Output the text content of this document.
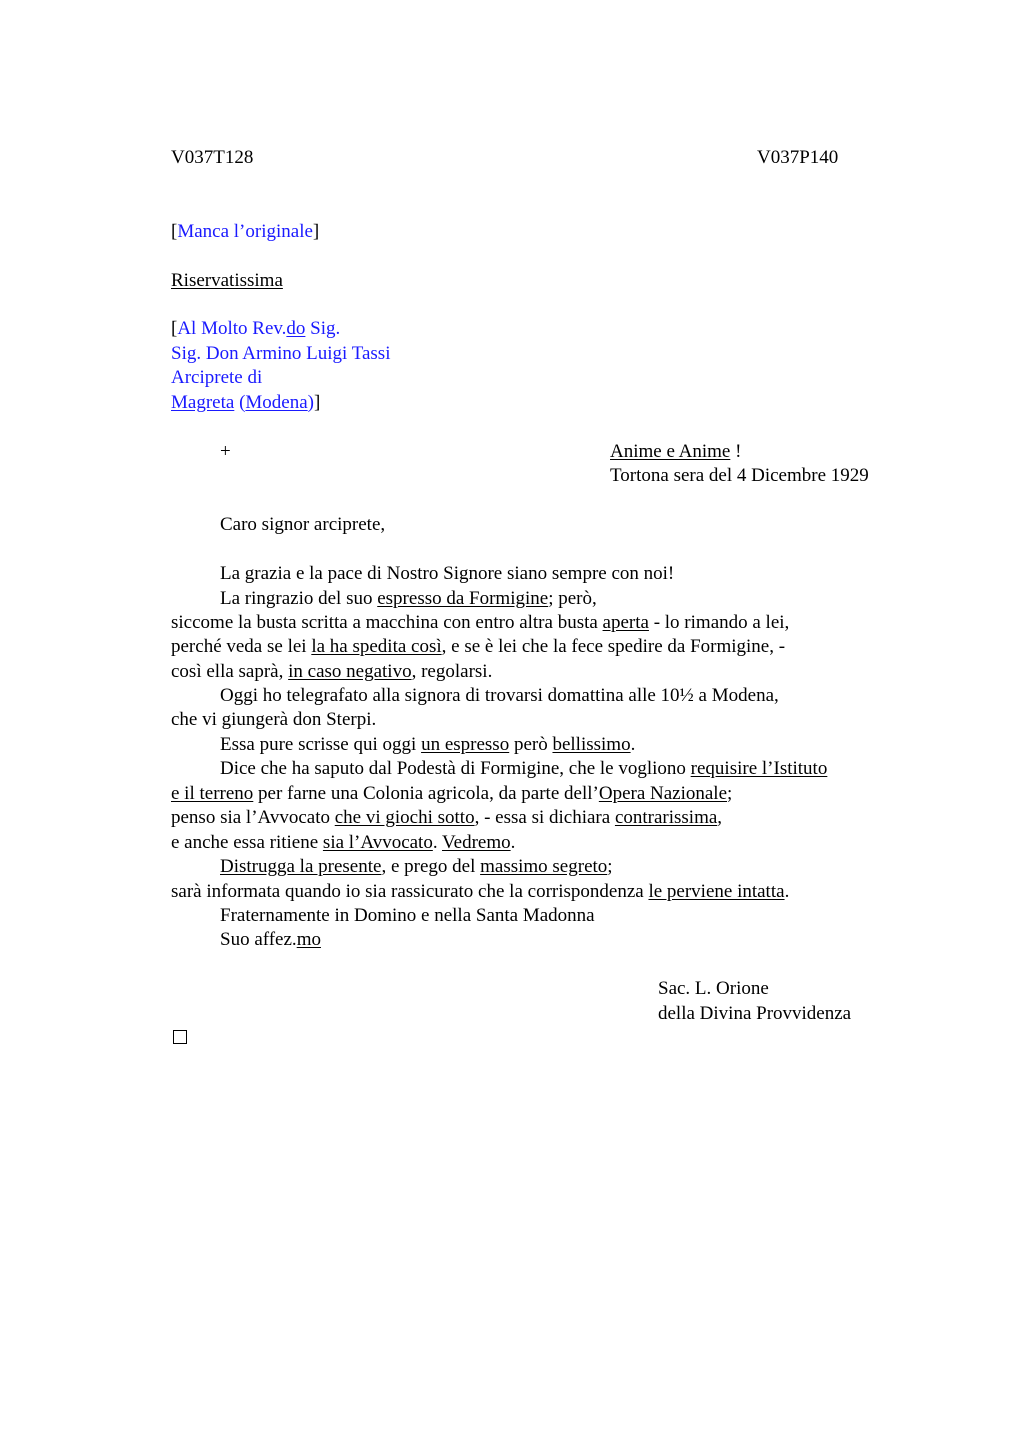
V037T128	V037P140
[Manca l’originale]
Riservatissima
[Al Molto Rev.do Sig.
Sig. Don Armino Luigi Tassi
Arciprete di
Magreta (Modena)]
+	Anime e Anime !
Tortona sera del 4 Dicembre 1929
Caro signor arciprete,
La grazia e la pace di Nostro Signore siano sempre con noi!
La ringrazio del suo espresso da Formigine; però,
siccome la busta scritta a macchina con entro altra busta aperta - lo rimando a lei,
perché veda se lei la ha spedita così, e se è lei che la fece spedire da Formigine, -
così ella saprà, in caso negativo, regolarsi.
Oggi ho telegrafato alla signora di trovarsi domattina alle 10½ a Modena,
che vi giungerà don Sterpi.
Essa pure scrisse qui oggi un espresso però bellissimo.
Dice che ha saputo dal Podestà di Formigine, che le vogliono requisire l’Istituto
e il terreno per farne una Colonia agricola, da parte dell’Opera Nazionale;
penso sia l’Avvocato che vi giochi sotto, - essa si dichiara contrarissima,
e anche essa ritiene sia l’Avvocato. Vedremo.
Distrugga la presente, e prego del massimo segreto;
sarà informata quando io sia rassicurato che la corrispondenza le perviene intatta.
Fraternamente in Domino e nella Santa Madonna
Suo affez.mo
Sac. L. Orione
della Divina Provvidenza
